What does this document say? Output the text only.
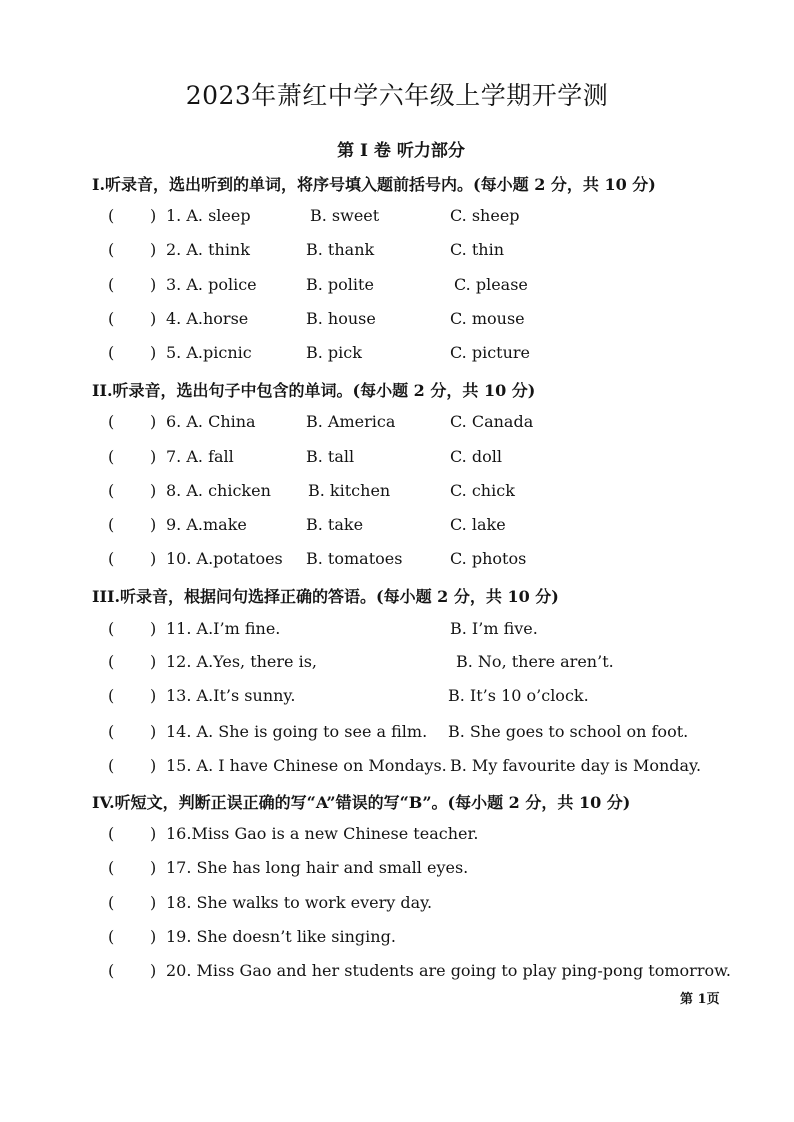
2023年萧红中学六年级上学期开学测
第 I 卷 听力部分
I.听录音，选出听到的单词，将序号填入题前括号内。(每小题 2 分，共 10 分)
( ) 1. A. sleep	B. sweet	C. sheep
( ) 2. A. think	B. thank	C. thin
( ) 3. A. police	B. polite	C. please
( ) 4. A.horse	B. house	C. mouse
( ) 5. A.picnic	B. pick	C. picture
II.听录音，选出句子中包含的单词。(每小题 2 分，共 10 分)
( ) 6. A. China	B. America	C. Canada
( ) 7. A. fall	B. tall	C. doll
( ) 8. A. chicken B. kitchen	C. chick
( ) 9. A.make	B. take	C. lake
( ) 10. A.potatoes B. tomatoes	C. photos
III.听录音，根据问句选择正确的答语。(每小题 2 分，共 10 分)
( ) 11. A.I’m fine.	B. I’m five.
( ) 12. A.Yes, there is,	B. No, there aren’t.
( ) 13. A.It’s sunny.	B. It’s 10 o’clock.
( ) 14. A. She is going to see a film. B. She goes to school on foot.
( ) 15. A. I have Chinese on Mondays. B. My favourite day is Monday.
IV.听短文，判断正误正确的写“A”错误的写“B”。(每小题 2 分，共 10 分)
( ) 16.Miss Gao is a new Chinese teacher.
( ) 17. She has long hair and small eyes.
( ) 18. She walks to work every day.
( ) 19. She doesn’t like singing.
( ) 20. Miss Gao and her students are going to play ping-pong tomorrow.
第 1页
